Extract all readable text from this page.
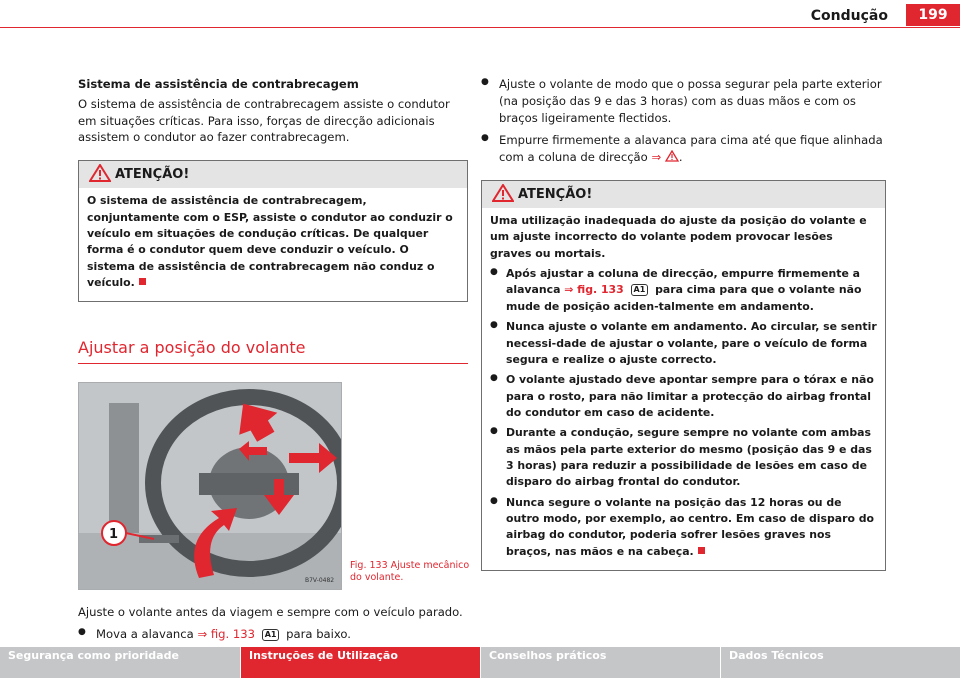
Condução	199
Sistema de assistência de contrabrecagem

O sistema de assistência de contrabrecagem assiste o condutor em situações críticas. Para isso, forças de direcção adicionais assistem o condutor ao fazer contrabrecagem.

ATENÇÃO!

O sistema de assistência de contrabrecagem, conjuntamente com o ESP, assiste o condutor ao conduzir o veículo em situações de condução críticas. De qualquer forma é o condutor quem deve conduzir o veículo. O sistema de assistência de contrabrecagem não conduz o veículo.

Ajustar a posição do volante
1
B7V-0482
Fig. 133 Ajuste mecânico do volante.

Ajuste o volante antes da viagem e sempre com o veículo parado.

● Mova a alavanca ⇒ fig. 133 A1 para baixo.
● Ajuste o volante de modo que o possa segurar pela parte exterior (na posição das 9 e das 3 horas) com as duas mãos e com os braços ligeiramente flectidos.
● Empurre firmemente a alavanca para cima até que fique alinhada com a coluna de direcção ⇒ .
ATENÇÃO!

Uma utilização inadequada do ajuste da posição do volante e um ajuste incorrecto do volante podem provocar lesões graves ou mortais.

● Após ajustar a coluna de direcção, empurre firmemente a alavanca ⇒ fig. 133 A1 para cima para que o volante não mude de posição aciden-talmente em andamento.
● Nunca ajuste o volante em andamento. Ao circular, se sentir necessi-dade de ajustar o volante, pare o veículo de forma segura e realize o ajuste correcto.
● O volante ajustado deve apontar sempre para o tórax e não para o rosto, para não limitar a protecção do airbag frontal do condutor em caso de acidente.
● Durante a condução, segure sempre no volante com ambas as mãos pela parte exterior do mesmo (posição das 9 e das 3 horas) para reduzir a possibilidade de lesões em caso de disparo do airbag frontal do condutor.
● Nunca segure o volante na posição das 12 horas ou de outro modo, por exemplo, ao centro. Em caso de disparo do airbag do condutor, poderia sofrer lesões graves nos braços, nas mãos e na cabeça.
Segurança como prioridade	Instruções de Utilização	Conselhos práticos	Dados Técnicos
